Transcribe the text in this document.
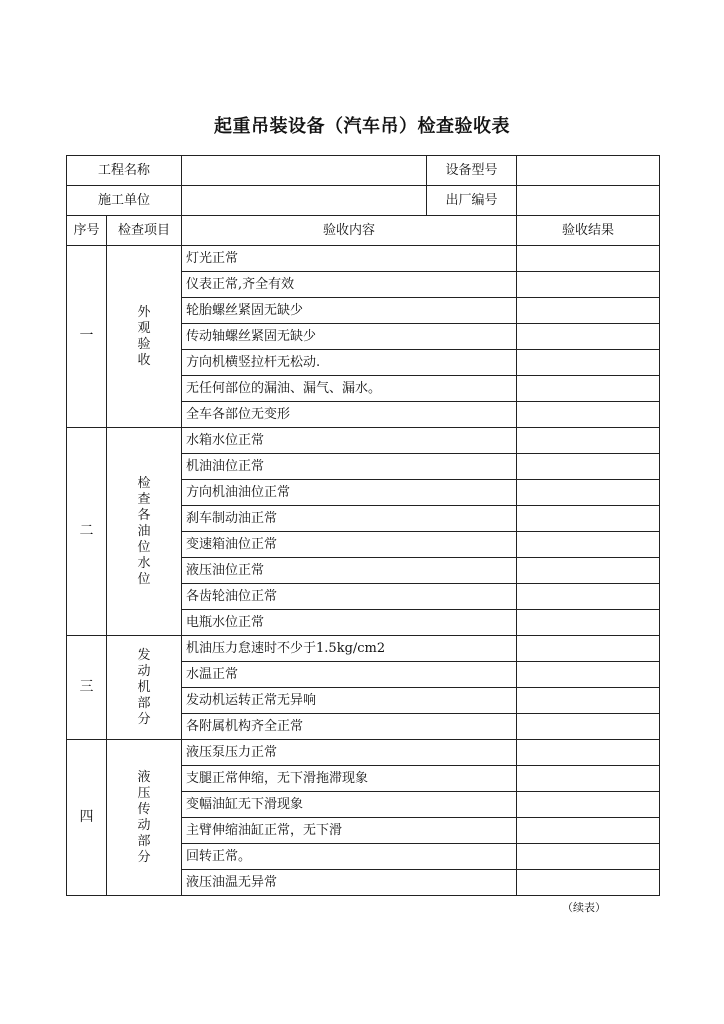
起重吊装设备（汽车吊）检查验收表
工程名称			设备型号	
施工单位			出厂编号	
序号	检查项目	验收内容		验收结果
一	外观验收	灯光正常		
		仪表正常,齐全有效		
		轮胎螺丝紧固无缺少		
		传动轴螺丝紧固无缺少		
		方向机横竖拉杆无松动.		
		无任何部位的漏油、漏气、漏水。		
		全车各部位无变形		
二	检查各油位水位	水箱水位正常		
		机油油位正常		
		方向机油油位正常		
		刹车制动油正常		
		变速箱油位正常		
		液压油位正常		
		各齿轮油位正常		
		电瓶水位正常		
三	发动机部分	机油压力怠速时不少于1.5kg/cm2		
		水温正常		
		发动机运转正常无异响		
		各附属机构齐全正常		
四	液压传动部分	液压泵压力正常		
		支腿正常伸缩，无下滑拖滞现象		
		变幅油缸无下滑现象		
		主臂伸缩油缸正常，无下滑		
		回转正常。		
		液压油温无异常		
（续表）
